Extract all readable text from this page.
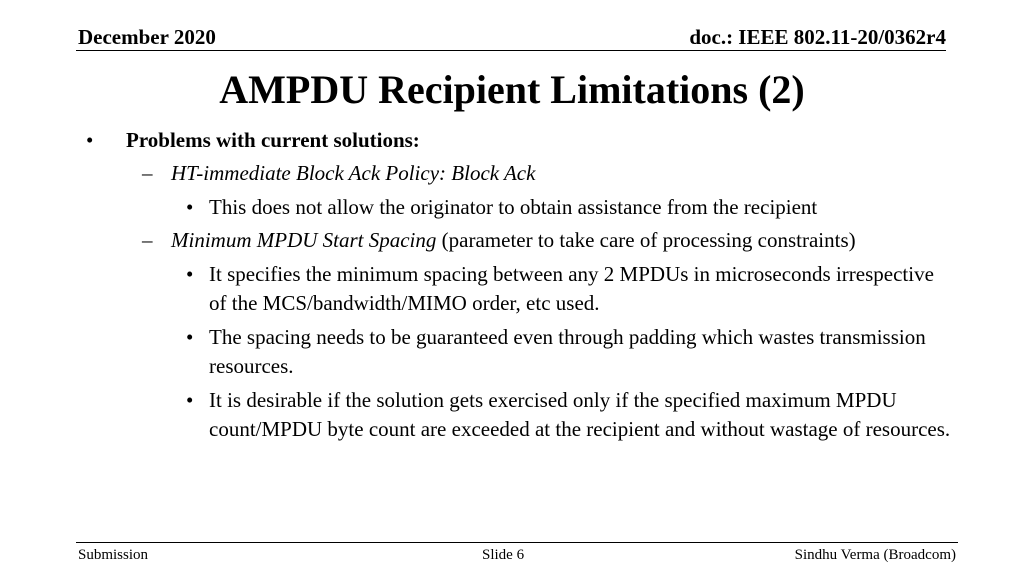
December 2020	doc.: IEEE 802.11-20/0362r4
AMPDU Recipient Limitations (2)
• Problems with current solutions:
– HT-immediate Block Ack Policy: Block Ack
• This does not allow the originator to obtain assistance from the recipient
– Minimum MPDU Start Spacing (parameter to take care of processing constraints)
• It specifies the minimum spacing between any 2 MPDUs in microseconds irrespective of the MCS/bandwidth/MIMO order, etc used.
• The spacing needs to be guaranteed even through padding which wastes transmission resources.
• It is desirable if the solution gets exercised only if the specified maximum MPDU count/MPDU byte count are exceeded at the recipient and without wastage of resources.
Submission	Slide 6	Sindhu Verma (Broadcom)
